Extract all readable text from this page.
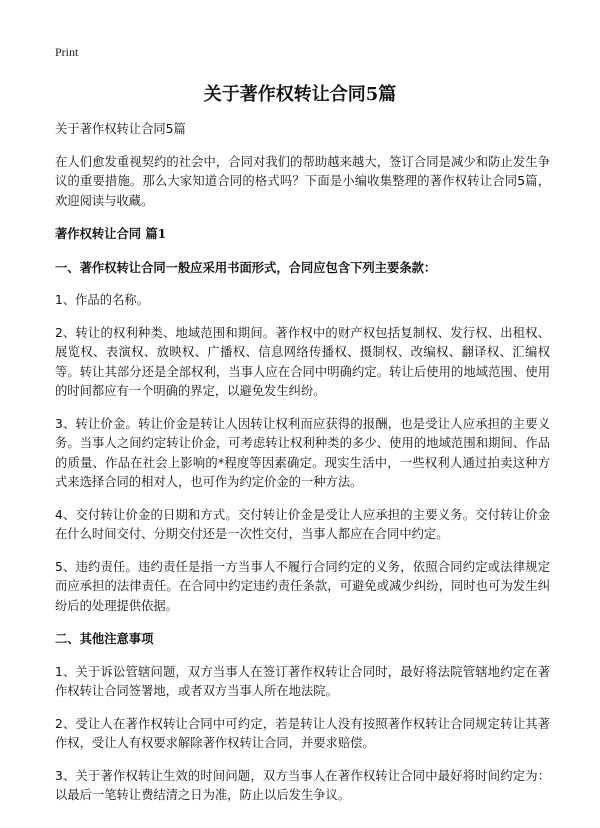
Print
关于著作权转让合同5篇

关于著作权转让合同5篇

在人们愈发重视契约的社会中，合同对我们的帮助越来越大，签订合同是减少和防止发生争议的重要措施。那么大家知道合同的格式吗？下面是小编收集整理的著作权转让合同5篇，欢迎阅读与收藏。

著作权转让合同 篇1

一、著作权转让合同一般应采用书面形式，合同应包含下列主要条款：

1、作品的名称。

2、转让的权利种类、地域范围和期间。著作权中的财产权包括复制权、发行权、出租权、展览权、表演权、放映权、广播权、信息网络传播权、摄制权、改编权、翻译权、汇编权等。转让其部分还是全部权利，当事人应在合同中明确约定。转让后使用的地域范围、使用的时间都应有一个明确的界定，以避免发生纠纷。

3、转让价金。转让价金是转让人因转让权利而应获得的报酬，也是受让人应承担的主要义务。当事人之间约定转让价金，可考虑转让权利种类的多少、使用的地域范围和期间、作品的质量、作品在社会上影响的*程度等因素确定。现实生活中，一些权利人通过拍卖这种方式来选择合同的相对人，也可作为约定价金的一种方法。

4、交付转让价金的日期和方式。交付转让价金是受让人应承担的主要义务。交付转让价金在什么时间交付、分期交付还是一次性交付，当事人都应在合同中约定。

5、违约责任。违约责任是指一方当事人不履行合同约定的义务，依照合同约定或法律规定而应承担的法律责任。在合同中约定违约责任条款，可避免或减少纠纷，同时也可为发生纠纷后的处理提供依据。

二、其他注意事项

1、关于诉讼管辖问题，双方当事人在签订著作权转让合同时，最好将法院管辖地约定在著作权转让合同签署地，或者双方当事人所在地法院。

2、受让人在著作权转让合同中可约定，若是转让人没有按照著作权转让合同规定转让其著作权，受让人有权要求解除著作权转让合同，并要求赔偿。

3、关于著作权转让生效的时间问题，双方当事人在著作权转让合同中最好将时间约定为：以最后一笔转让费结清之日为准，防止以后发生争议。
